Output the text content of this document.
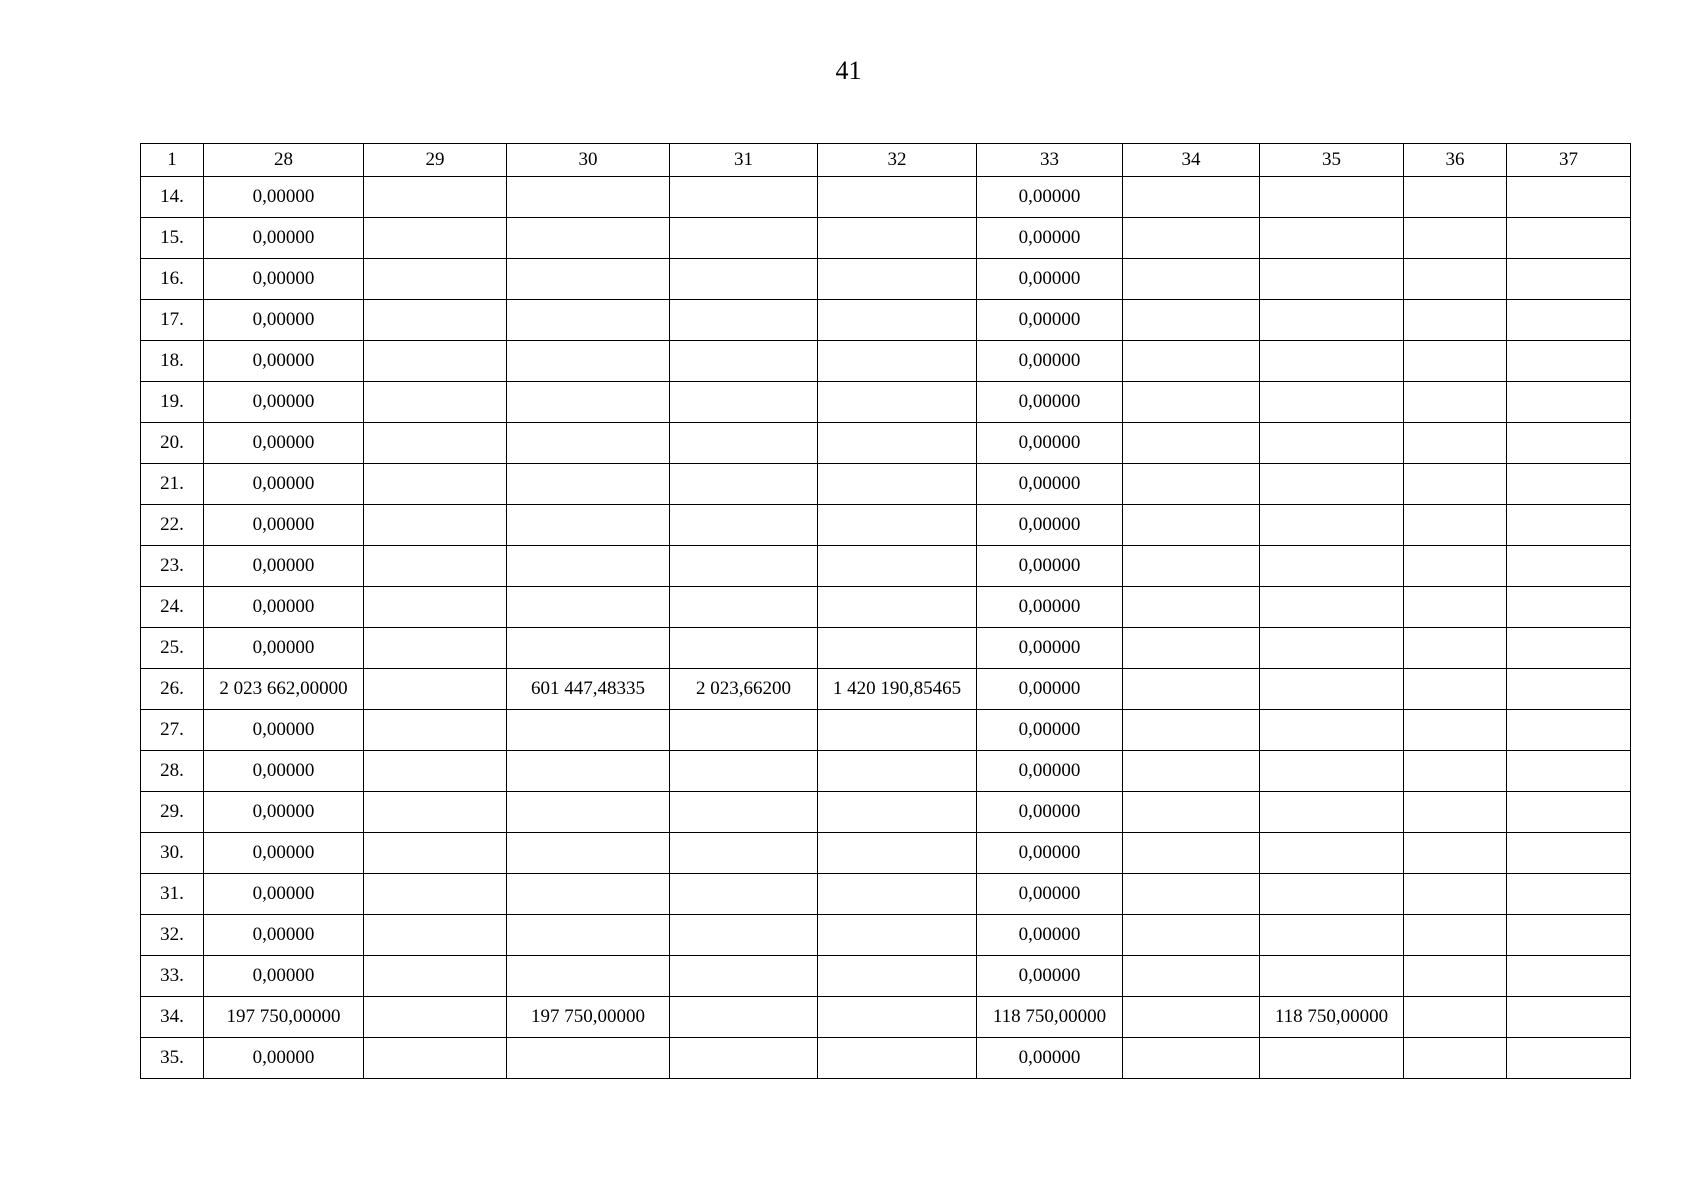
41
1	28	29	30	31	32	33	34	35	36	37
14.	0,00000					0,00000				
15.	0,00000					0,00000				
16.	0,00000					0,00000				
17.	0,00000					0,00000				
18.	0,00000					0,00000				
19.	0,00000					0,00000				
20.	0,00000					0,00000				
21.	0,00000					0,00000				
22.	0,00000					0,00000				
23.	0,00000					0,00000				
24.	0,00000					0,00000				
25.	0,00000					0,00000				
26.	2 023 662,00000		601 447,48335	2 023,66200	1 420 190,85465	0,00000				
27.	0,00000					0,00000				
28.	0,00000					0,00000				
29.	0,00000					0,00000				
30.	0,00000					0,00000				
31.	0,00000					0,00000				
32.	0,00000					0,00000				
33.	0,00000					0,00000				
34.	197 750,00000		197 750,00000			118 750,00000		118 750,00000		
35.	0,00000					0,00000				
